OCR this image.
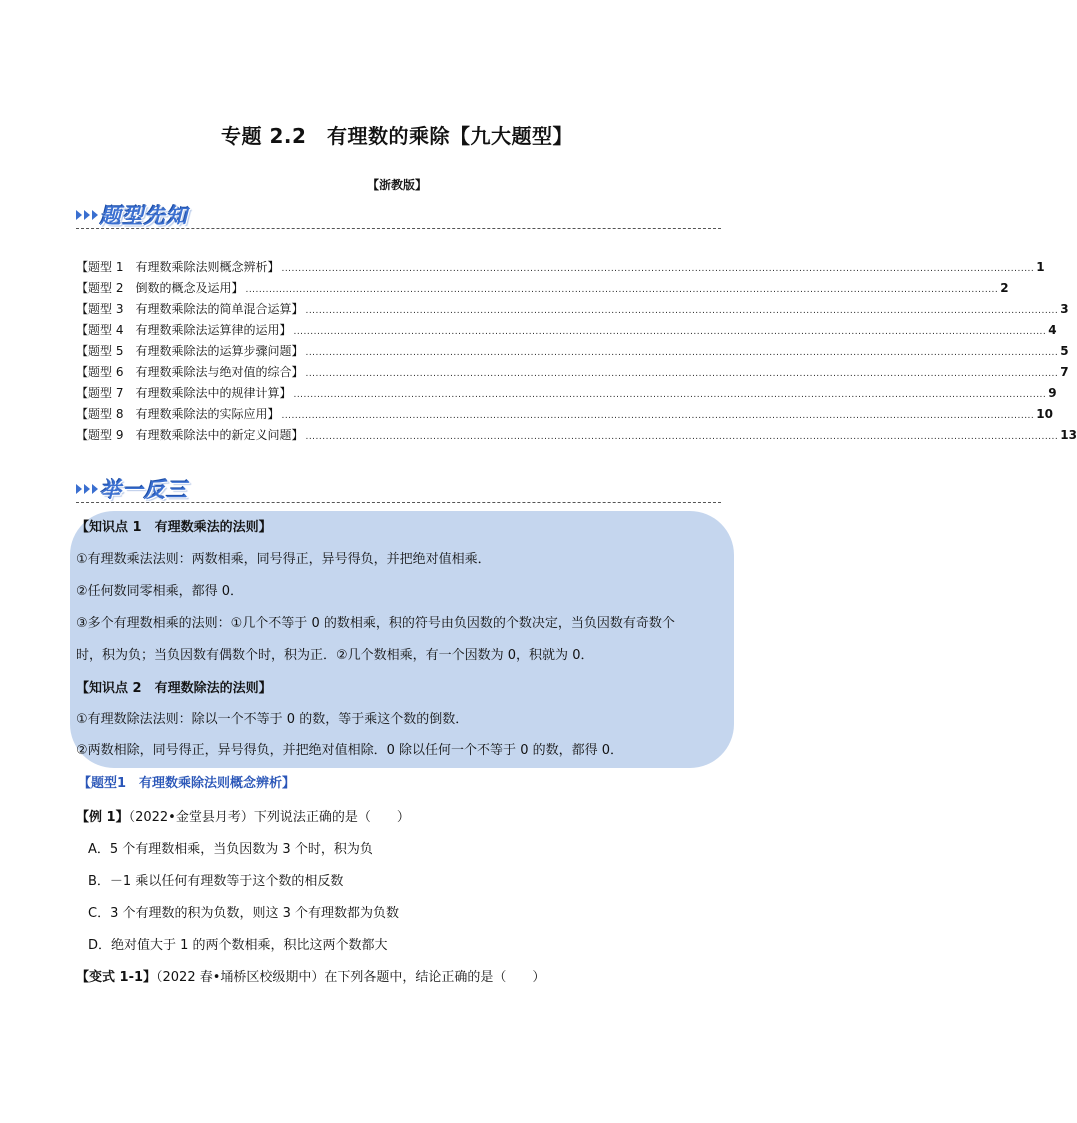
专题 2.2　有理数的乘除【九大题型】
【浙教版】
题型先知
【题型 1　有理数乘除法则概念辨析】 ................................................................................................................................................................................................................................ 1
【题型 2　倒数的概念及运用】 ................................................................................................................................................................................................................................ 2
【题型 3　有理数乘除法的简单混合运算】 ................................................................................................................................................................................................................................ 3
【题型 4　有理数乘除法运算律的运用】 ................................................................................................................................................................................................................................ 4
【题型 5　有理数乘除法的运算步骤问题】 ................................................................................................................................................................................................................................ 5
【题型 6　有理数乘除法与绝对值的综合】 ................................................................................................................................................................................................................................ 7
【题型 7　有理数乘除法中的规律计算】 ................................................................................................................................................................................................................................ 9
【题型 8　有理数乘除法的实际应用】 ................................................................................................................................................................................................................................ 10
【题型 9　有理数乘除法中的新定义问题】 ................................................................................................................................................................................................................................ 13
举一反三
【知识点 1　有理数乘法的法则】
①有理数乘法法则：两数相乘，同号得正，异号得负，并把绝对值相乘．
②任何数同零相乘，都得 0．
③多个有理数相乘的法则：①几个不等于 0 的数相乘，积的符号由负因数的个数决定，当负因数有奇数个
时，积为负；当负因数有偶数个时，积为正．②几个数相乘，有一个因数为 0，积就为 0．
【知识点 2　有理数除法的法则】
①有理数除法法则：除以一个不等于 0 的数，等于乘这个数的倒数．
②两数相除，同号得正，异号得负，并把绝对值相除．0 除以任何一个不等于 0 的数，都得 0．
【题型1　有理数乘除法则概念辨析】
【例 1】（2022•金堂县月考）下列说法正确的是（　　）
A．5 个有理数相乘，当负因数为 3 个时，积为负
B．－1 乘以任何有理数等于这个数的相反数
C．3 个有理数的积为负数，则这 3 个有理数都为负数
D．绝对值大于 1 的两个数相乘，积比这两个数都大
【变式 1-1】（2022 春•埇桥区校级期中）在下列各题中，结论正确的是（　　）
